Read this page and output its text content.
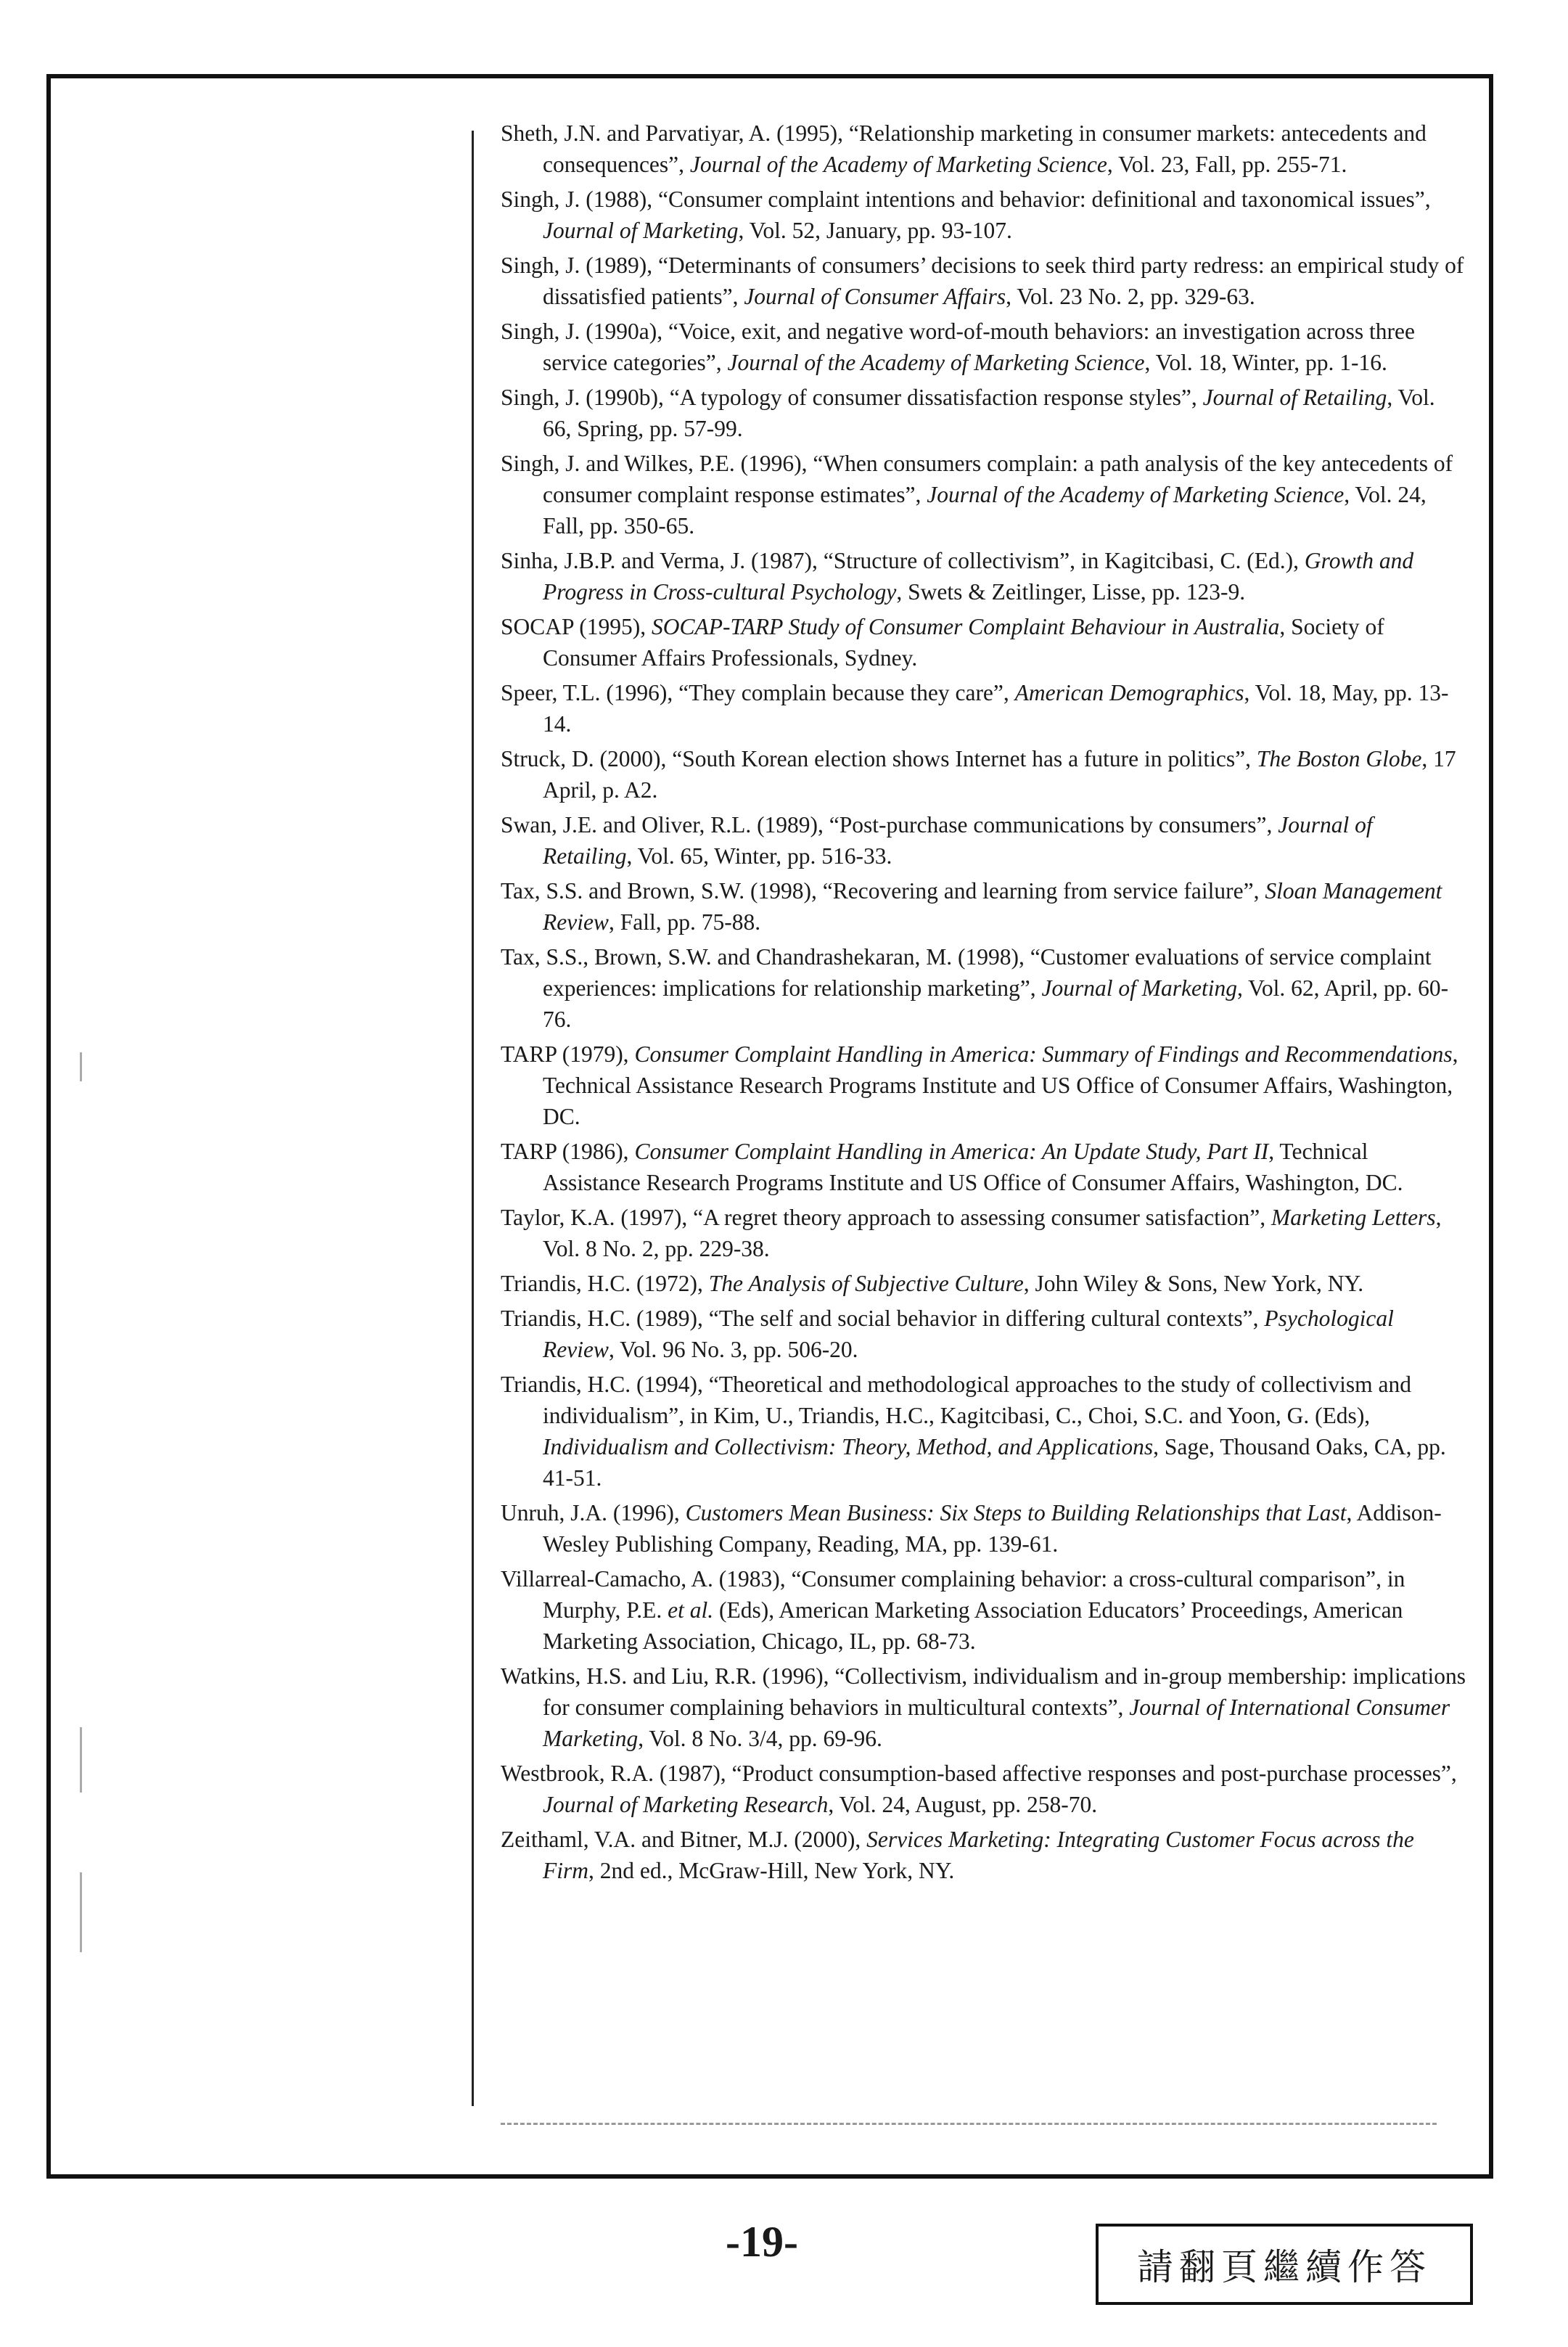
Sheth, J.N. and Parvatiyar, A. (1995), “Relationship marketing in consumer markets: antecedents and consequences”, Journal of the Academy of Marketing Science, Vol. 23, Fall, pp. 255-71.

Singh, J. (1988), “Consumer complaint intentions and behavior: definitional and taxonomical issues”, Journal of Marketing, Vol. 52, January, pp. 93-107.

Singh, J. (1989), “Determinants of consumers’ decisions to seek third party redress: an empirical study of dissatisfied patients”, Journal of Consumer Affairs, Vol. 23 No. 2, pp. 329-63.

Singh, J. (1990a), “Voice, exit, and negative word-of-mouth behaviors: an investigation across three service categories”, Journal of the Academy of Marketing Science, Vol. 18, Winter, pp. 1-16.

Singh, J. (1990b), “A typology of consumer dissatisfaction response styles”, Journal of Retailing, Vol. 66, Spring, pp. 57-99.

Singh, J. and Wilkes, P.E. (1996), “When consumers complain: a path analysis of the key antecedents of consumer complaint response estimates”, Journal of the Academy of Marketing Science, Vol. 24, Fall, pp. 350-65.

Sinha, J.B.P. and Verma, J. (1987), “Structure of collectivism”, in Kagitcibasi, C. (Ed.), Growth and Progress in Cross-cultural Psychology, Swets & Zeitlinger, Lisse, pp. 123-9.

SOCAP (1995), SOCAP-TARP Study of Consumer Complaint Behaviour in Australia, Society of Consumer Affairs Professionals, Sydney.

Speer, T.L. (1996), “They complain because they care”, American Demographics, Vol. 18, May, pp. 13-14.

Struck, D. (2000), “South Korean election shows Internet has a future in politics”, The Boston Globe, 17 April, p. A2.

Swan, J.E. and Oliver, R.L. (1989), “Post-purchase communications by consumers”, Journal of Retailing, Vol. 65, Winter, pp. 516-33.

Tax, S.S. and Brown, S.W. (1998), “Recovering and learning from service failure”, Sloan Management Review, Fall, pp. 75-88.

Tax, S.S., Brown, S.W. and Chandrashekaran, M. (1998), “Customer evaluations of service complaint experiences: implications for relationship marketing”, Journal of Marketing, Vol. 62, April, pp. 60-76.

TARP (1979), Consumer Complaint Handling in America: Summary of Findings and Recommendations, Technical Assistance Research Programs Institute and US Office of Consumer Affairs, Washington, DC.

TARP (1986), Consumer Complaint Handling in America: An Update Study, Part II, Technical Assistance Research Programs Institute and US Office of Consumer Affairs, Washington, DC.

Taylor, K.A. (1997), “A regret theory approach to assessing consumer satisfaction”, Marketing Letters, Vol. 8 No. 2, pp. 229-38.

Triandis, H.C. (1972), The Analysis of Subjective Culture, John Wiley & Sons, New York, NY.

Triandis, H.C. (1989), “The self and social behavior in differing cultural contexts”, Psychological Review, Vol. 96 No. 3, pp. 506-20.

Triandis, H.C. (1994), “Theoretical and methodological approaches to the study of collectivism and individualism”, in Kim, U., Triandis, H.C., Kagitcibasi, C., Choi, S.C. and Yoon, G. (Eds), Individualism and Collectivism: Theory, Method, and Applications, Sage, Thousand Oaks, CA, pp. 41-51.

Unruh, J.A. (1996), Customers Mean Business: Six Steps to Building Relationships that Last, Addison-Wesley Publishing Company, Reading, MA, pp. 139-61.

Villarreal-Camacho, A. (1983), “Consumer complaining behavior: a cross-cultural comparison”, in Murphy, P.E. et al. (Eds), American Marketing Association Educators’ Proceedings, American Marketing Association, Chicago, IL, pp. 68-73.

Watkins, H.S. and Liu, R.R. (1996), “Collectivism, individualism and in-group membership: implications for consumer complaining behaviors in multicultural contexts”, Journal of International Consumer Marketing, Vol. 8 No. 3/4, pp. 69-96.

Westbrook, R.A. (1987), “Product consumption-based affective responses and post-purchase processes”, Journal of Marketing Research, Vol. 24, August, pp. 258-70.

Zeithaml, V.A. and Bitner, M.J. (2000), Services Marketing: Integrating Customer Focus across the Firm, 2nd ed., McGraw-Hill, New York, NY.

-19-
請翻頁繼續作答
